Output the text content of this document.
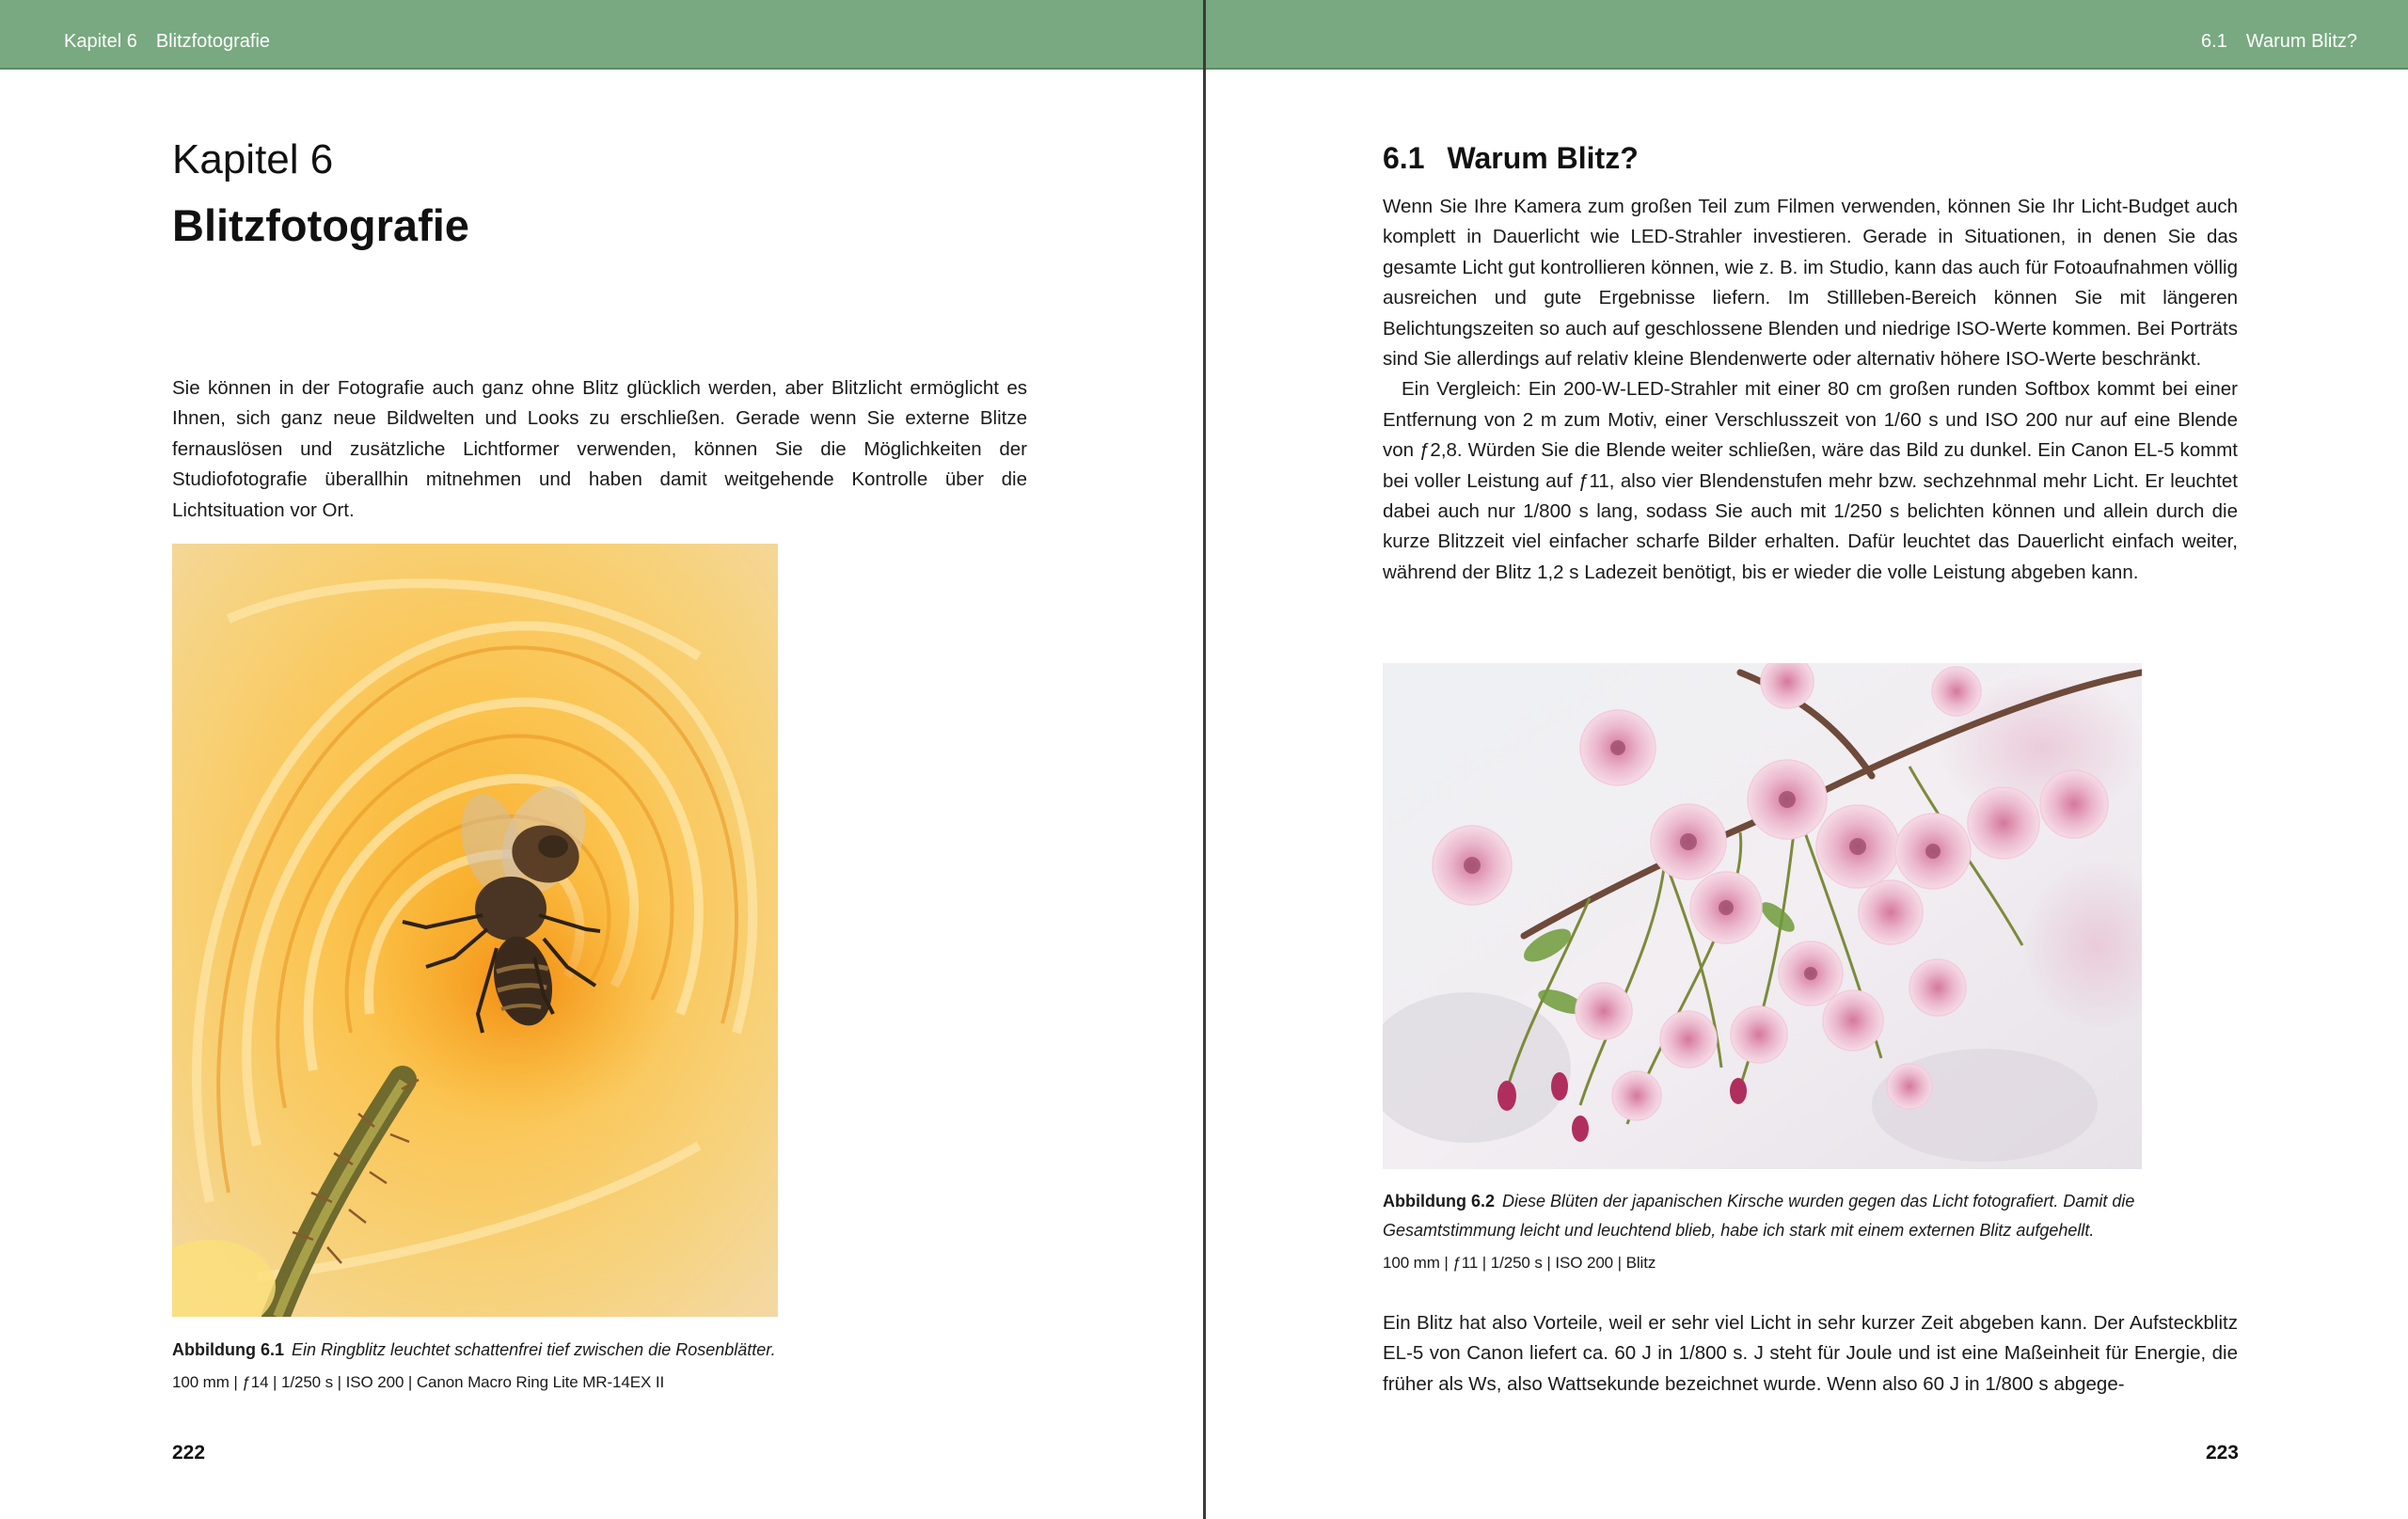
Kapitel 6 Blitzfotografie
Kapitel 6
Blitzfotografie

Sie können in der Fotografie auch ganz ohne Blitz glücklich werden, aber Blitzlicht ermöglicht es Ihnen, sich ganz neue Bildwelten und Looks zu erschließen. Gerade wenn Sie externe Blitze fernauslösen und zusätzliche Lichtformer verwenden, können Sie die Möglichkeiten der Studiofotografie überallhin mitnehmen und haben damit weitgehende Kontrolle über die Lichtsituation vor Ort.

Abbildung 6.1 Ein Ringblitz leuchtet schattenfrei tief zwischen die Rosenblätter.
100 mm | ƒ14 | 1/250 s | ISO 200 | Canon Macro Ring Lite MR-14EX II
222
6.1 Warum Blitz?
6.1 Warum Blitz?

Wenn Sie Ihre Kamera zum großen Teil zum Filmen verwenden, können Sie Ihr Licht-Budget auch komplett in Dauerlicht wie LED-Strahler investieren. Gerade in Situationen, in denen Sie das gesamte Licht gut kontrollieren können, wie z. B. im Studio, kann das auch für Fotoaufnahmen völlig ausreichen und gute Ergebnisse liefern. Im Stillleben-Bereich können Sie mit längeren Belichtungszeiten so auch auf geschlossene Blenden und niedrige ISO-Werte kommen. Bei Porträts sind Sie allerdings auf relativ kleine Blendenwerte oder alternativ höhere ISO-Werte beschränkt.

Ein Vergleich: Ein 200-W-LED-Strahler mit einer 80 cm großen runden Softbox kommt bei einer Entfernung von 2 m zum Motiv, einer Verschlusszeit von 1/60 s und ISO 200 nur auf eine Blende von ƒ2,8. Würden Sie die Blende weiter schließen, wäre das Bild zu dunkel. Ein Canon EL-5 kommt bei voller Leistung auf ƒ11, also vier Blendenstufen mehr bzw. sechzehnmal mehr Licht. Er leuchtet dabei auch nur 1/800 s lang, sodass Sie auch mit 1/250 s belichten können und allein durch die kurze Blitzzeit viel einfacher scharfe Bilder erhalten. Dafür leuchtet das Dauerlicht einfach weiter, während der Blitz 1,2 s Ladezeit benötigt, bis er wieder die volle Leistung abgeben kann.

Abbildung 6.2 Diese Blüten der japanischen Kirsche wurden gegen das Licht fotografiert. Damit die Gesamtstimmung leicht und leuchtend blieb, habe ich stark mit einem externen Blitz aufgehellt.
100 mm | ƒ11 | 1/250 s | ISO 200 | Blitz

Ein Blitz hat also Vorteile, weil er sehr viel Licht in sehr kurzer Zeit abgeben kann. Der Aufsteckblitz EL-5 von Canon liefert ca. 60 J in 1/800 s. J steht für Joule und ist eine Maßeinheit für Energie, die früher als Ws, also Wattsekunde bezeichnet wurde. Wenn also 60 J in 1/800 s abgege-

223
